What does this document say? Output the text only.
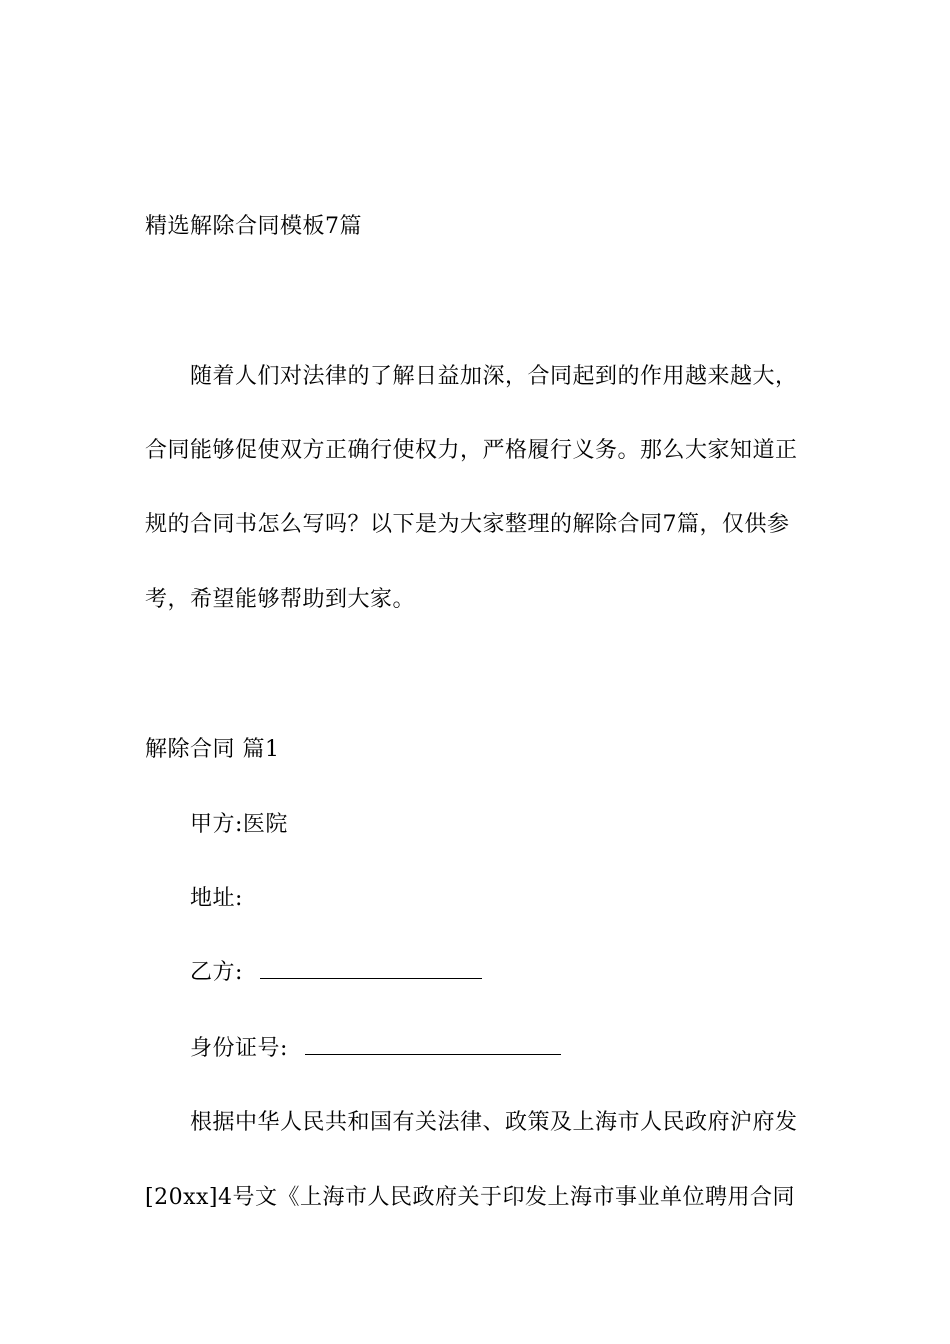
精选解除合同模板7篇
随着人们对法律的了解日益加深，合同起到的作用越来越大，
合同能够促使双方正确行使权力，严格履行义务。那么大家知道正
规的合同书怎么写吗？以下是为大家整理的解除合同7篇，仅供参
考，希望能够帮助到大家。
解除合同 篇1
甲方:医院
地址:
乙方:
身份证号:
根据中华人民共和国有关法律、政策及上海市人民政府沪府发
[20xx]4号文《上海市人民政府关于印发上海市事业单位聘用合同
